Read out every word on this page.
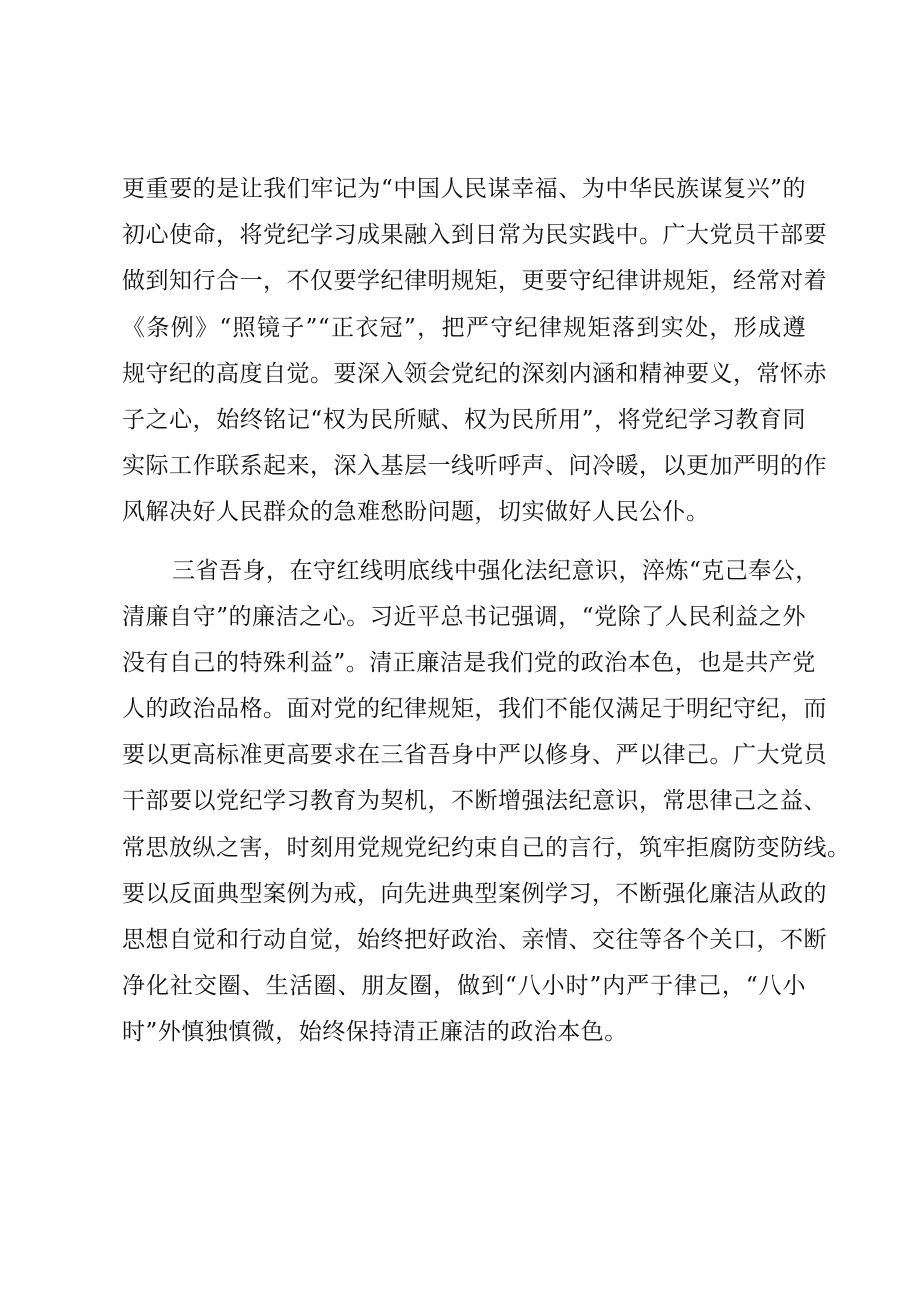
更重要的是让我们牢记为“中国人民谋幸福、为中华民族谋复兴”的
初心使命，将党纪学习成果融入到日常为民实践中。广大党员干部要
做到知行合一，不仅要学纪律明规矩，更要守纪律讲规矩，经常对着
《条例》“照镜子”“正衣冠”，把严守纪律规矩落到实处，形成遵
规守纪的高度自觉。要深入领会党纪的深刻内涵和精神要义，常怀赤
子之心，始终铭记“权为民所赋、权为民所用”，将党纪学习教育同
实际工作联系起来，深入基层一线听呼声、问冷暖，以更加严明的作
风解决好人民群众的急难愁盼问题，切实做好人民公仆。
三省吾身，在守红线明底线中强化法纪意识，淬炼“克己奉公，
清廉自守”的廉洁之心。习近平总书记强调，“党除了人民利益之外
没有自己的特殊利益”。清正廉洁是我们党的政治本色，也是共产党
人的政治品格。面对党的纪律规矩，我们不能仅满足于明纪守纪，而
要以更高标准更高要求在三省吾身中严以修身、严以律己。广大党员
干部要以党纪学习教育为契机，不断增强法纪意识，常思律己之益、
常思放纵之害，时刻用党规党纪约束自己的言行，筑牢拒腐防变防线。
要以反面典型案例为戒，向先进典型案例学习，不断强化廉洁从政的
思想自觉和行动自觉，始终把好政治、亲情、交往等各个关口，不断
净化社交圈、生活圈、朋友圈，做到“八小时”内严于律己，“八小
时”外慎独慎微，始终保持清正廉洁的政治本色。
